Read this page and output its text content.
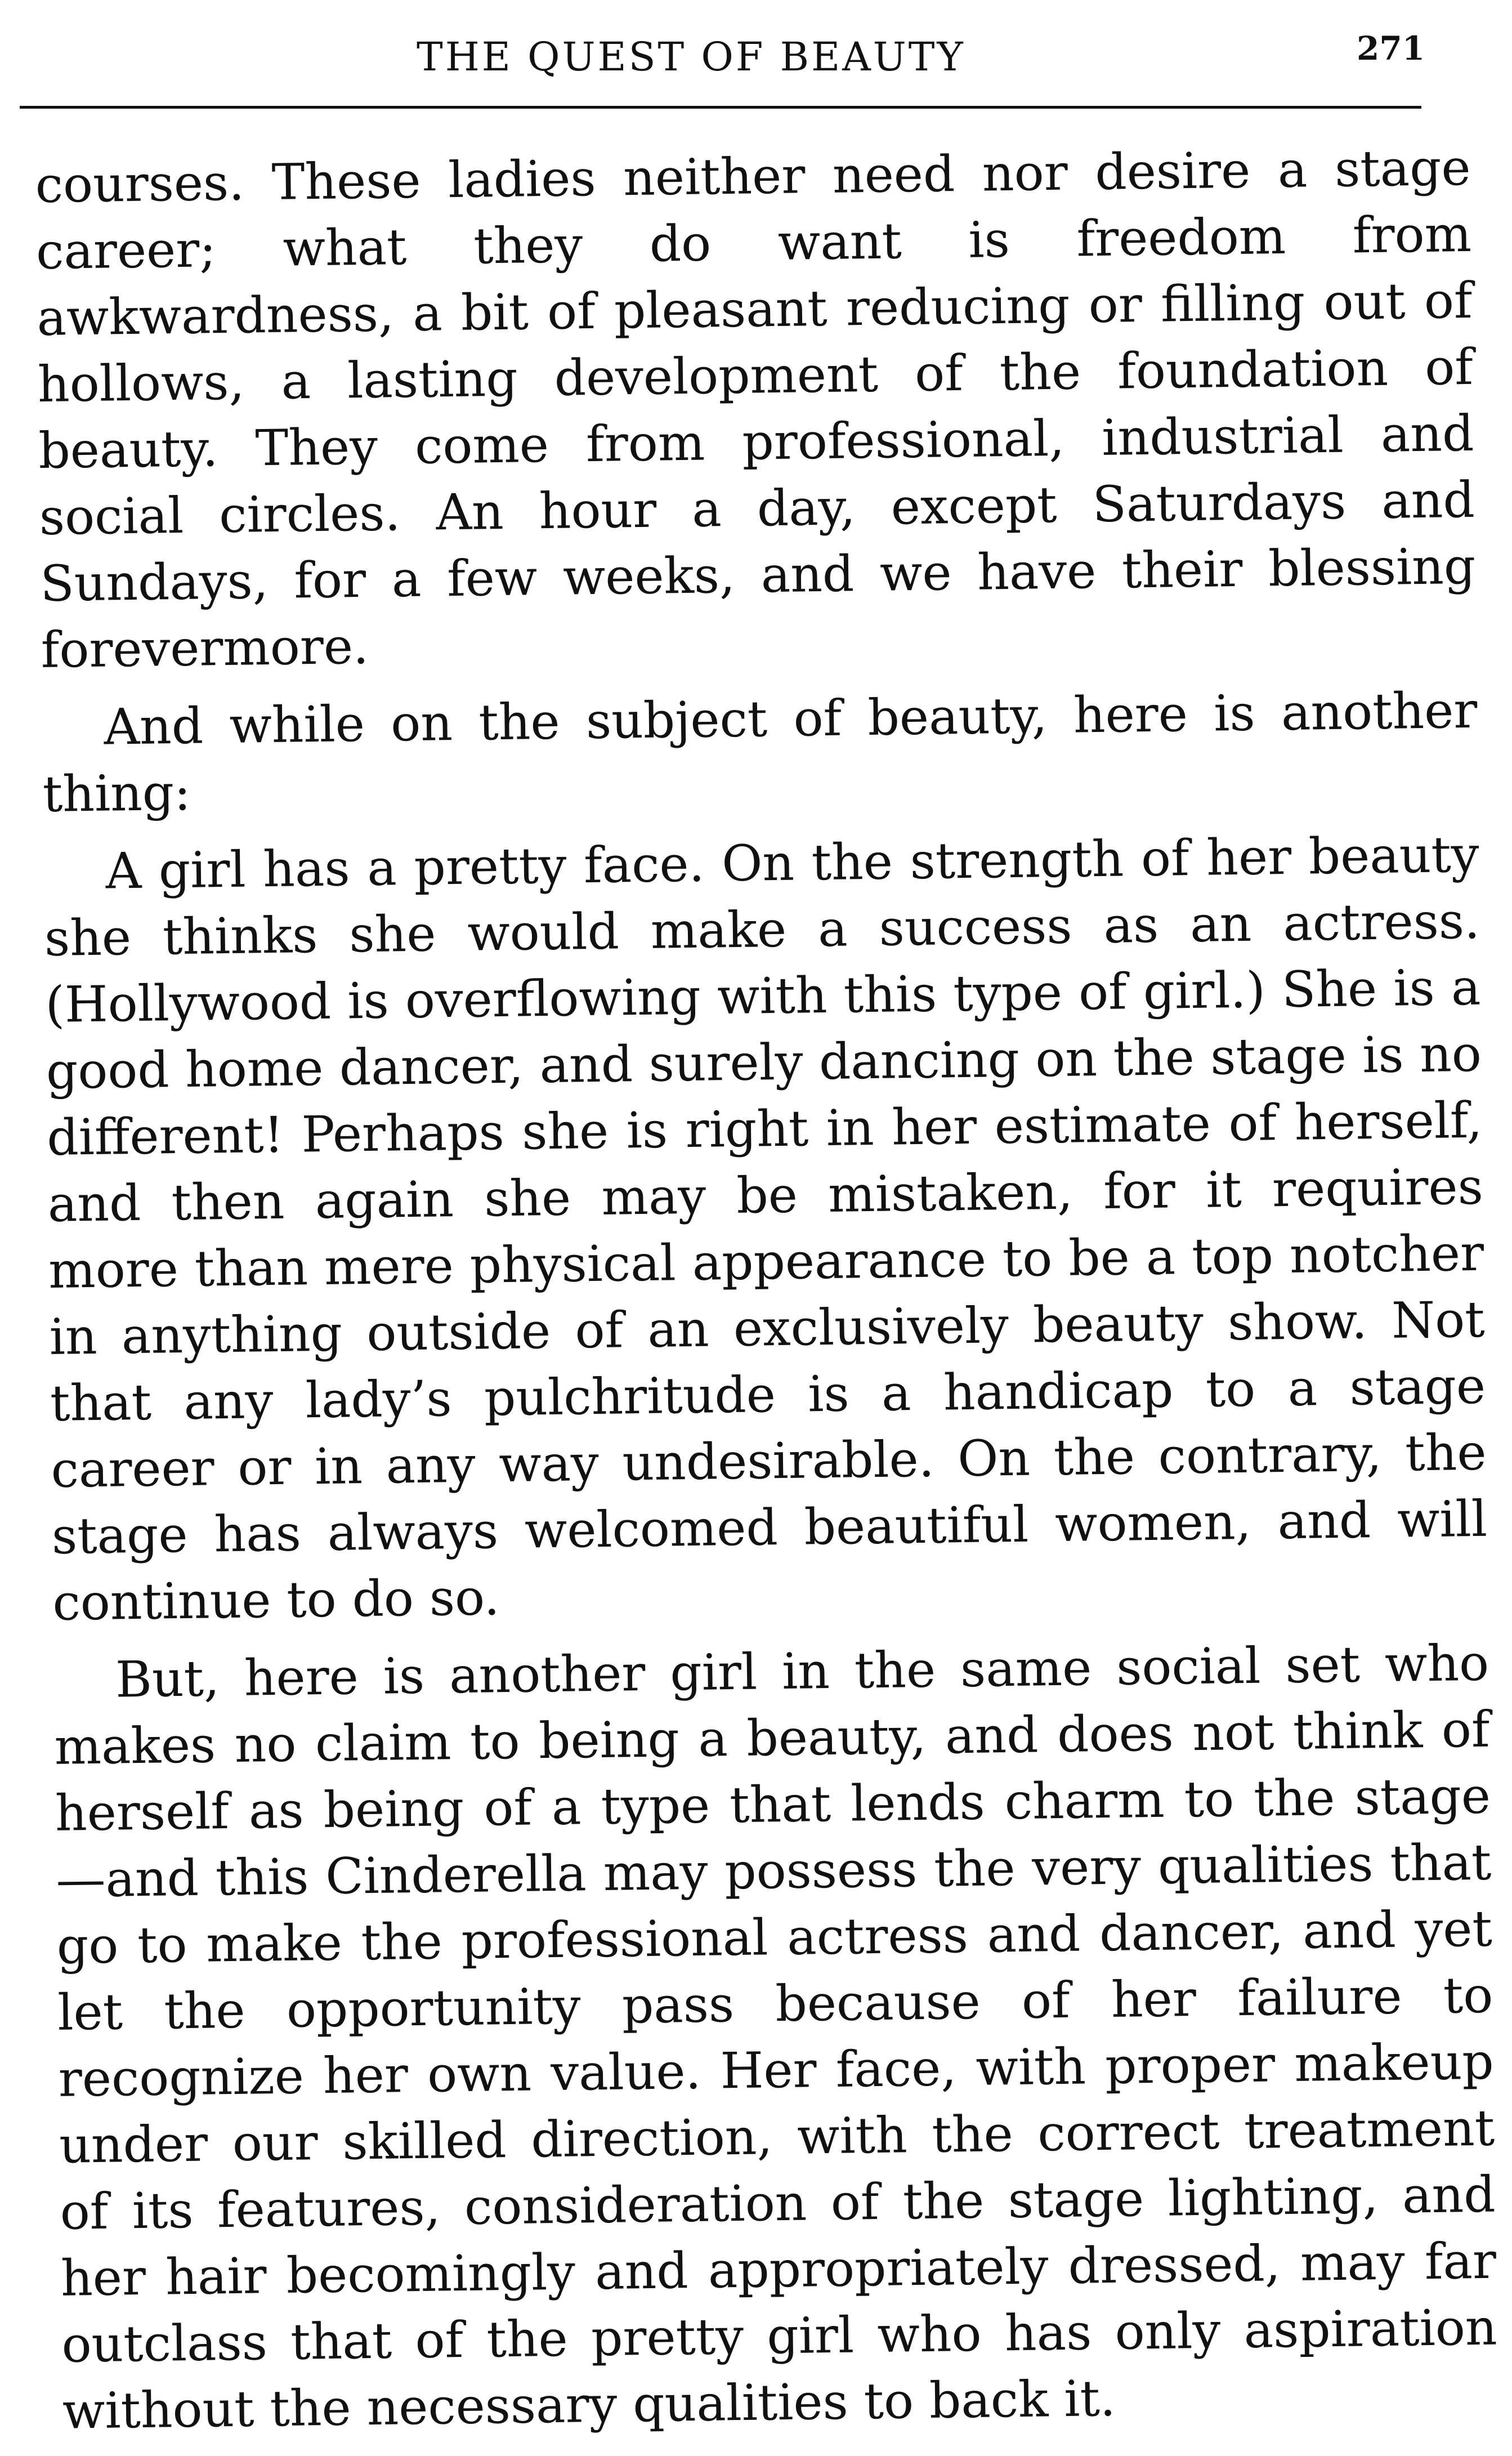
THE QUEST OF BEAUTY	271

courses. These ladies neither need nor desire a stage career; what they do want is freedom from awkwardness, a bit of pleasant reducing or filling out of hollows, a lasting development of the foundation of beauty. They come from professional, industrial and social circles. An hour a day, except Saturdays and Sundays, for a few weeks, and we have their blessing forevermore.

And while on the subject of beauty, here is another thing:

A girl has a pretty face. On the strength of her beauty she thinks she would make a success as an actress. (Hollywood is overflowing with this type of girl.) She is a good home dancer, and surely dancing on the stage is no different! Perhaps she is right in her estimate of herself, and then again she may be mistaken, for it requires more than mere physical appearance to be a top notcher in anything outside of an exclusively beauty show. Not that any lady’s pulchritude is a handicap to a stage career or in any way undesirable. On the contrary, the stage has always welcomed beautiful women, and will continue to do so.

But, here is another girl in the same social set who makes no claim to being a beauty, and does not think of herself as being of a type that lends charm to the stage—and this Cinderella may possess the very qualities that go to make the professional actress and dancer, and yet let the opportunity pass because of her failure to recognize her own value. Her face, with proper makeup under our skilled direction, with the correct treatment of its features, consideration of the stage lighting, and her hair becomingly and appropriately dressed, may far outclass that of the pretty girl who has only aspiration without the necessary qualities to back it.
